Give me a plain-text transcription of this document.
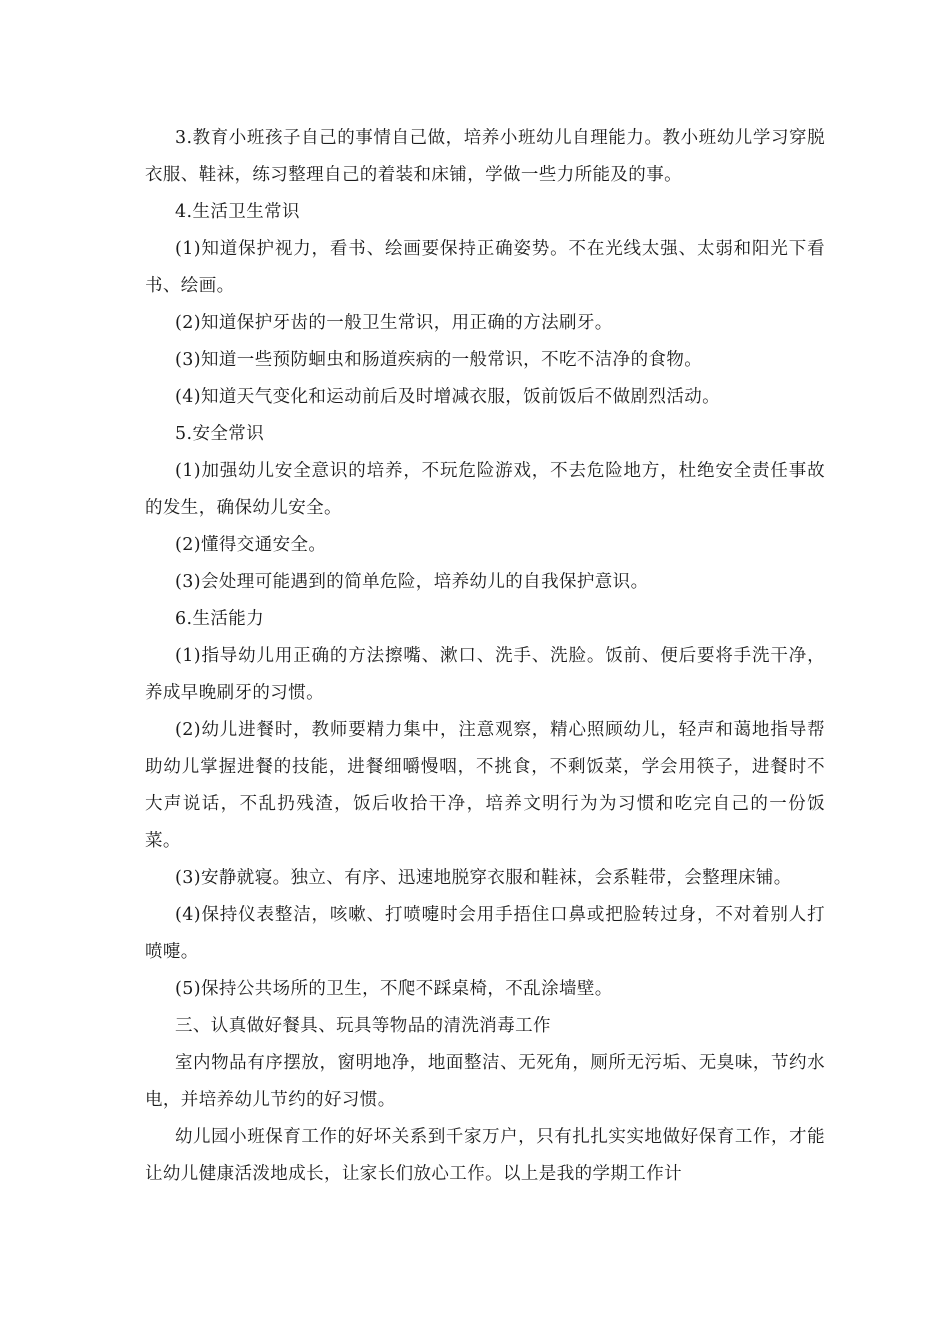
3.教育小班孩子自己的事情自己做，培养小班幼儿自理能力。教小班幼儿学习穿脱 衣服、鞋袜，练习整理自己的着装和床铺，学做一些力所能及的事。

4.生活卫生常识

(1)知道保护视力，看书、绘画要保持正确姿势。不在光线太强、太弱和阳光下看书、绘画。

(2)知道保护牙齿的一般卫生常识，用正确的方法刷牙。

(3)知道一些预防蛔虫和肠道疾病的一般常识，不吃不洁净的食物。

(4)知道天气变化和运动前后及时增减衣服，饭前饭后不做剧烈活动。

5.安全常识

(1)加强幼儿安全意识的培养，不玩危险游戏，不去危险地方，杜绝安全责任事故的发生，确保幼儿安全。

(2)懂得交通安全。

(3)会处理可能遇到的简单危险，培养幼儿的自我保护意识。

6.生活能力

(1)指导幼儿用正确的方法擦嘴、漱口、洗手、洗脸。饭前、便后要将手洗干净，养成早晚刷牙的习惯。

(2)幼儿进餐时，教师要精力集中，注意观察，精心照顾幼儿，轻声和蔼地指导帮助幼儿掌握进餐的技能，进餐细嚼慢咽，不挑食，不剩饭菜，学会用筷子，进餐时不大声说话，不乱扔残渣，饭后收拾干净，培养文明行为为习惯和吃完自己的一份饭菜。

(3)安静就寝。独立、有序、迅速地脱穿衣服和鞋袜，会系鞋带，会整理床铺。

(4)保持仪表整洁，咳嗽、打喷嚏时会用手捂住口鼻或把脸转过身，不对着别人打喷嚏。

(5)保持公共场所的卫生，不爬不踩桌椅，不乱涂墙壁。

三、认真做好餐具、玩具等物品的清洗消毒工作

室内物品有序摆放，窗明地净，地面整洁、无死角，厕所无污垢、无臭味，节约水电，并培养幼儿节约的好习惯。

幼儿园小班保育工作的好坏关系到千家万户，只有扎扎实实地做好保育工作，才能让幼儿健康活泼地成长，让家长们放心工作。以上是我的学期工作计
